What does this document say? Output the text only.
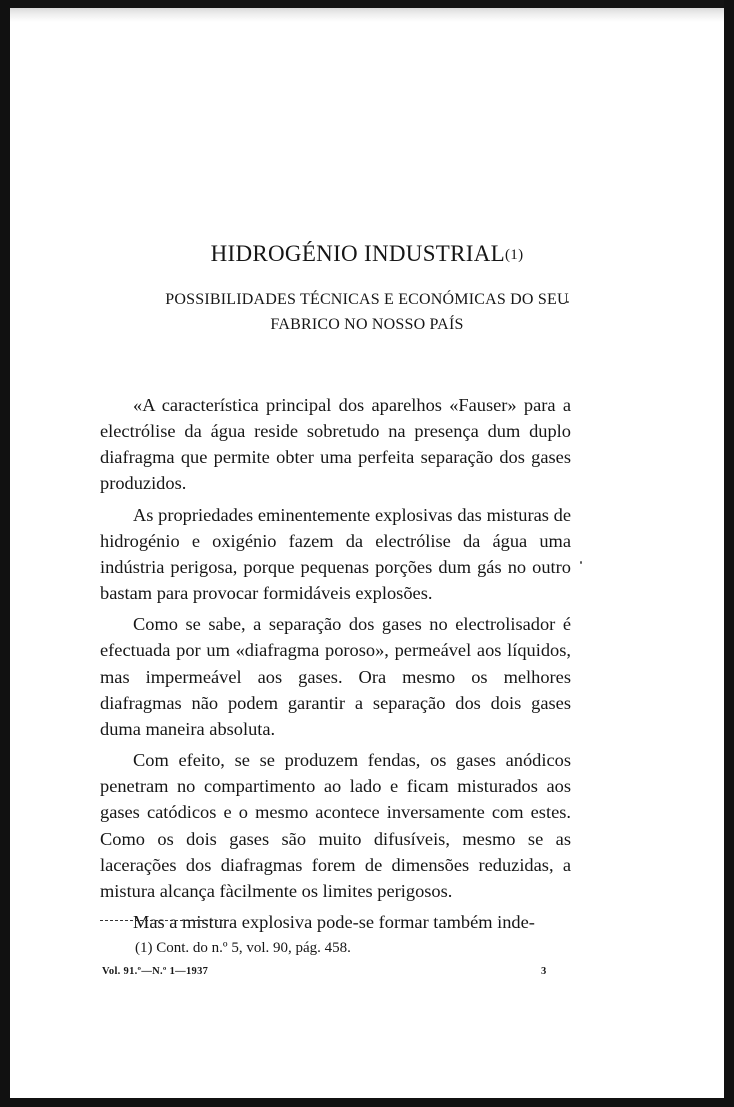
HIDROGÉNIO INDUSTRIAL$^{(1)}$
POSSIBILIDADES TÉCNICAS E ECONÓMICAS DO SEU
FABRICO NO NOSSO PAÍS

«A característica principal dos aparelhos «Fauser» para a electrólise da água reside sobretudo na presença dum duplo diafragma que permite obter uma perfeita separação dos gases produzidos.

As propriedades eminentemente explosivas das misturas de hidrogénio e oxigénio fazem da electrólise da água uma indústria perigosa, porque pequenas porções dum gás no outro bastam para provocar formidáveis explosões.

Como se sabe, a separação dos gases no electrolisador é efectuada por um «diafragma poroso», permeável aos líquidos, mas impermeável aos gases. Ora mesmo os melhores diafragmas não podem garantir a separação dos dois gases duma maneira absoluta.

Com efeito, se se produzem fendas, os gases anódicos penetram no compartimento ao lado e ficam misturados aos gases catódicos e o mesmo acontece inversamente com estes. Como os dois gases são muito difusíveis, mesmo se as lacerações dos diafragmas forem de dimensões reduzidas, a mistura alcança fàcilmente os limites perigosos.

Mas a mistura explosiva pode-se formar também inde-

(1) Cont. do n.º 5, vol. 90, pág. 458.
Vol. 91.º—N.º 1—1937	3
